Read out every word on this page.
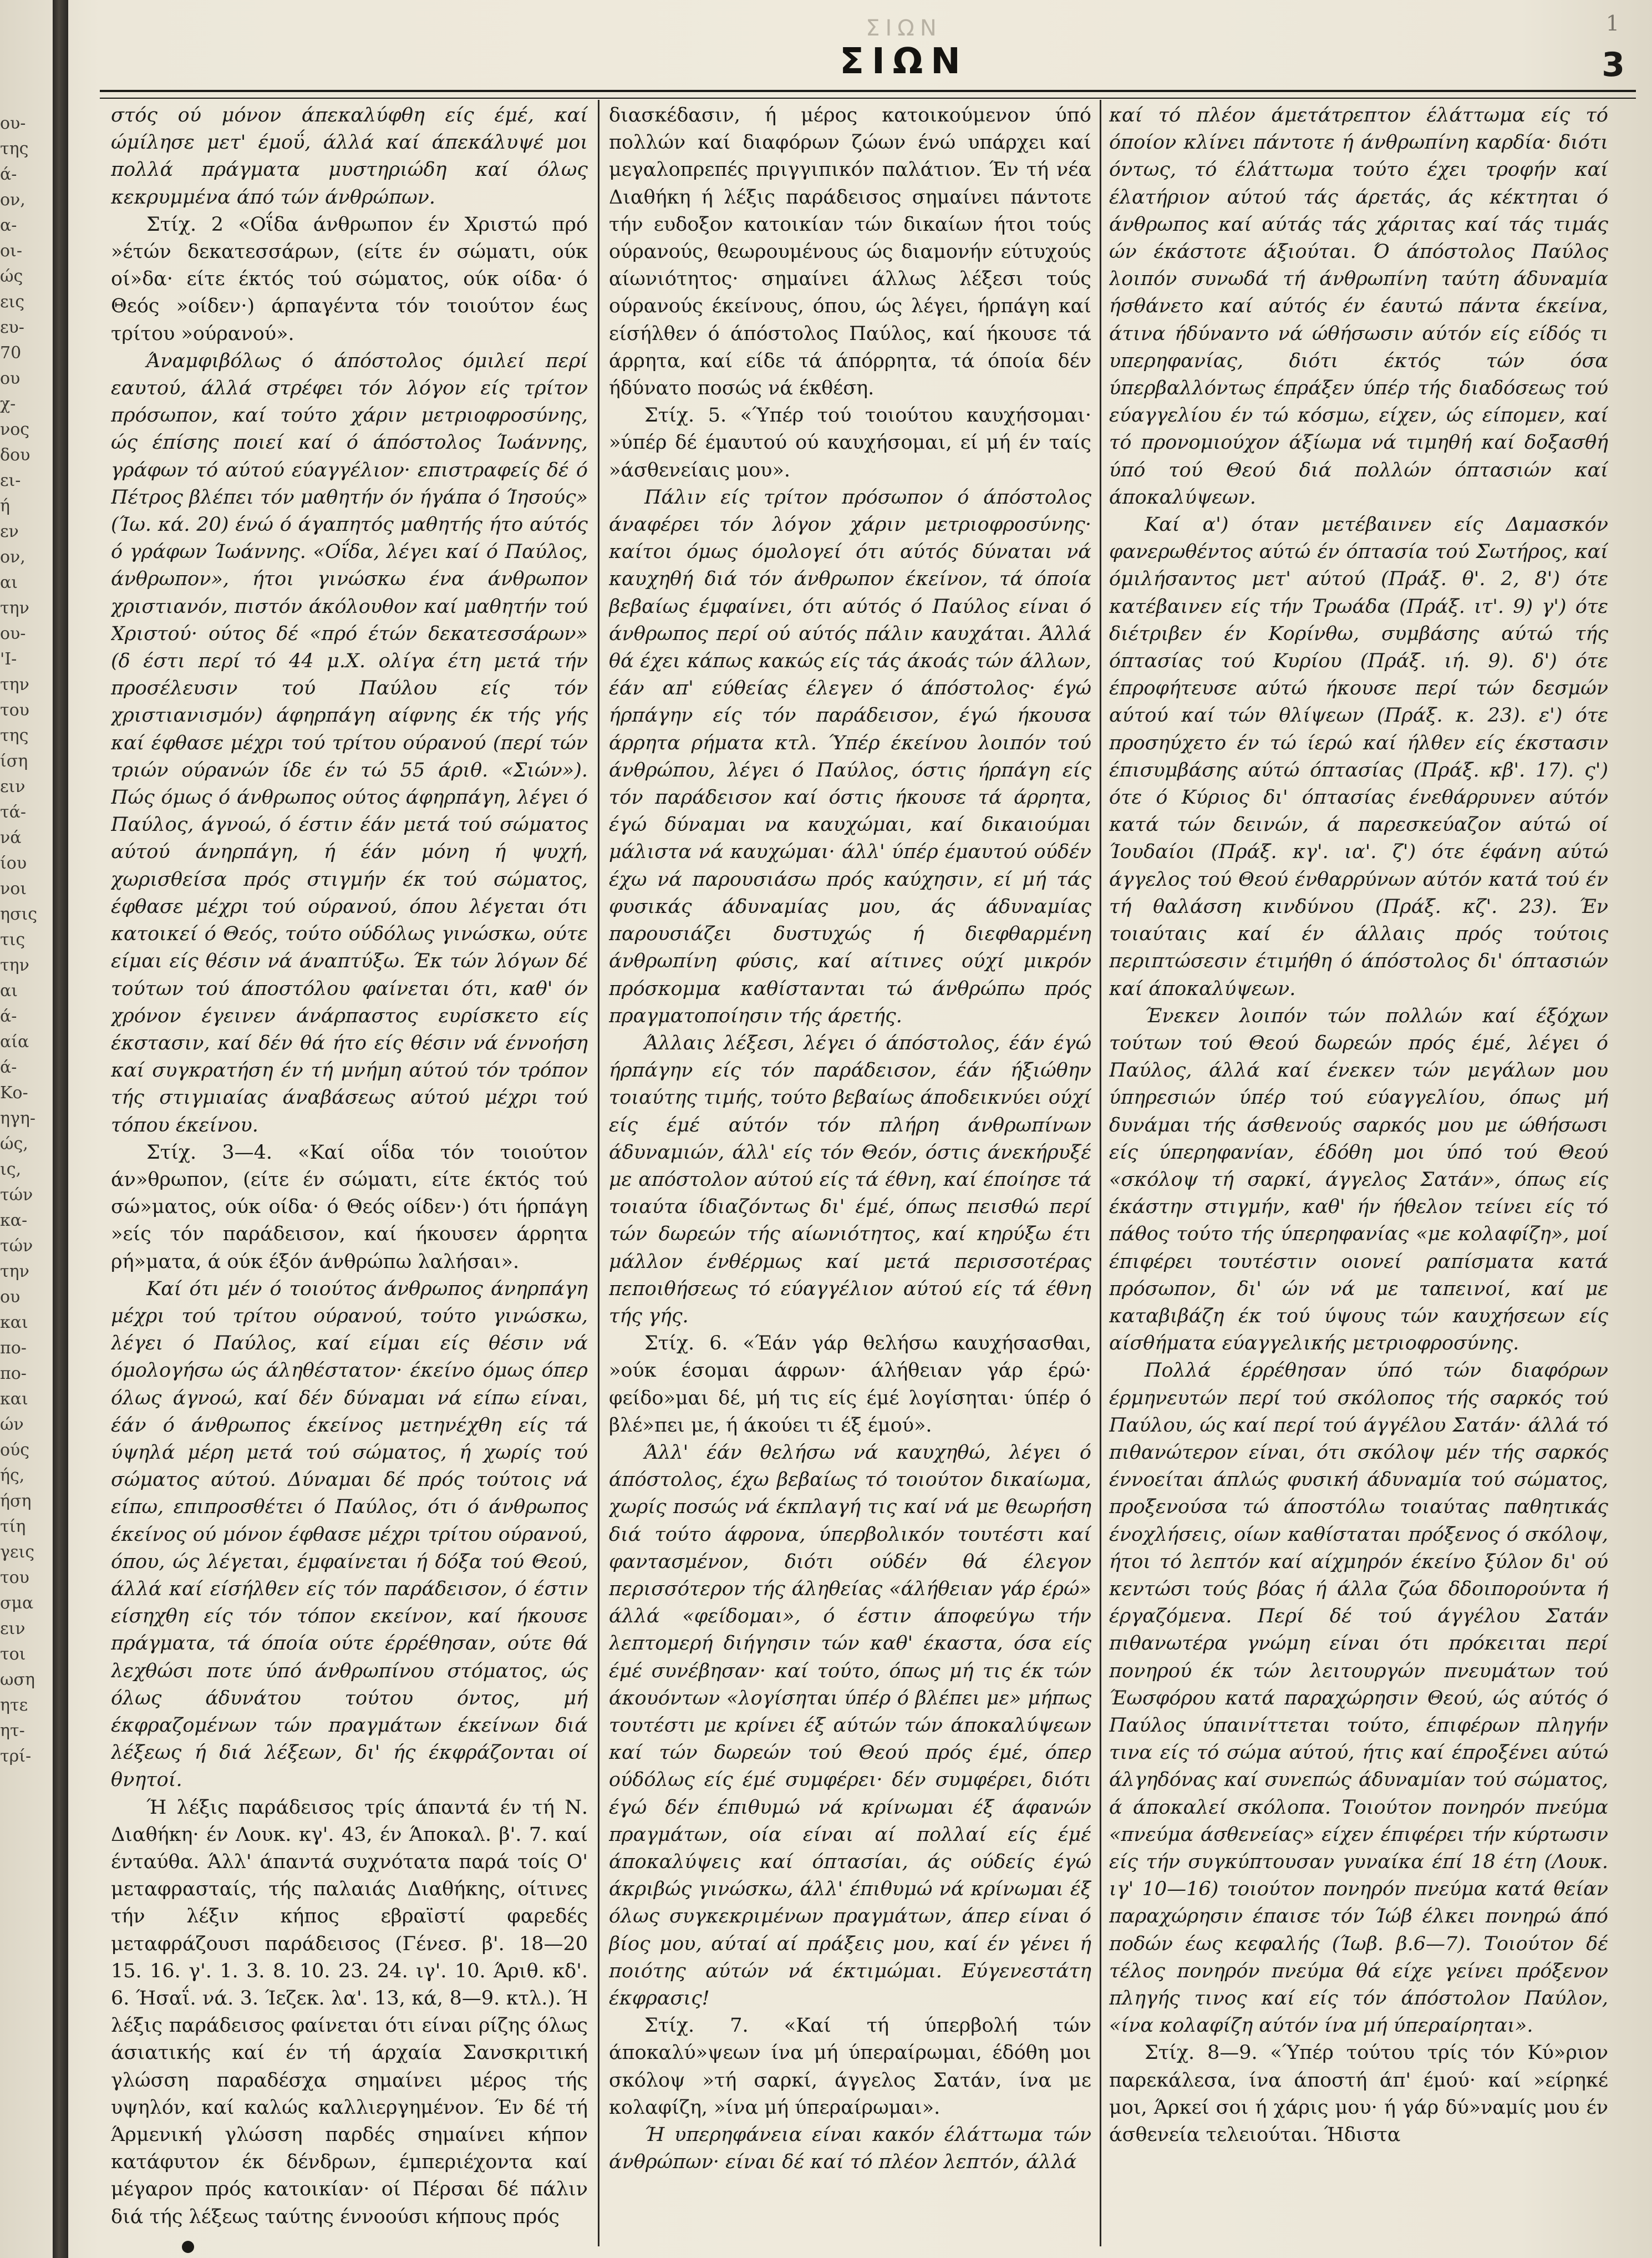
ου-
της
ά-
ον,
α-
οι-
ώς
εις
ευ-
70
ου
χ-
νος
δου
ει-
ή
εν
ον,
αι
την
ου-
'Ι-
την
του
της
ίση
ειν
τά-
νά
ίου
νοι
ησις
τις
την
αι
ά-
αία
ά-
Κο-
ηγη-
ώς,
ις,
τών
κα-
τών
την
ου
και
πο-
πο-
και
ών
ούς
ής,
ήση
τίη
γεις
του
σμα
ειν
τοι
ωση
ητε
ητ-
τρί-
ΣΙΩΝ
ΣΙΩΝ
1
3

στός ού μόνον άπεκαλύφθη είς έμέ, καί ώμίλησε μετ' έμοΰ, άλλά καί άπεκάλυψέ μοι πολλά πράγματα μυστηριώδη καί όλως κεκρυμμένα άπό τών άνθρώπων.

Στίχ. 2 «Οΐδα άνθρωπον έν Χριστώ πρό »έτών δεκατεσσάρων, (είτε έν σώματι, ούκ οί»δα· είτε έκτός τού σώματος, ούκ οίδα· ό Θεός »οίδεν·) άρπαγέντα τόν τοιούτον έως τρίτου »ούρανού».

Άναμφιβόλως ό άπόστολος όμιλεί περί εαυτού, άλλά στρέφει τόν λόγον είς τρίτον πρόσωπον, καί τούτο χάριν μετριοφροσύνης, ώς έπίσης ποιεί καί ό άπόστολος Ίωάννης, γράφων τό αύτού εύαγγέλιον· επιστραφείς δέ ό Πέτρος βλέπει τόν μαθητήν όν ήγάπα ό Ίησούς» (Ίω. κά. 20) ένώ ό άγαπητός μαθητής ήτο αύτός ό γράφων Ίωάννης. «Οΐδα, λέγει καί ό Παύλος, άνθρωπον», ήτοι γινώσκω ένα άνθρωπον χριστιανόν, πιστόν άκόλουθον καί μαθητήν τού Χριστού· ούτος δέ «πρό έτών δεκατεσσάρων» (δ έστι περί τό 44 μ.Χ. ολίγα έτη μετά τήν προσέλευσιν τού Παύλου είς τόν χριστιανισμόν) άφηρπάγη αίφνης έκ τής γής καί έφθασε μέχρι τού τρίτου ούρανού (περί τών τριών ούρανών ίδε έν τώ 55 άριθ. «Σιών»). Πώς όμως ό άνθρωπος ούτος άφηρπάγη, λέγει ό Παύλος, άγνοώ, ό έστιν έάν μετά τού σώματος αύτού άνηρπάγη, ή έάν μόνη ή ψυχή, χωρισθείσα πρός στιγμήν έκ τού σώματος, έφθασε μέχρι τού ούρανού, όπου λέγεται ότι κατοικεί ό Θεός, τούτο ούδόλως γινώσκω, ούτε είμαι είς θέσιν νά άναπτύξω. Έκ τών λόγων δέ τούτων τού άποστόλου φαίνεται ότι, καθ' όν χρόνον έγεινεν άνάρπαστος ευρίσκετο είς έκστασιν, καί δέν θά ήτο είς θέσιν νά έννοήση καί συγκρατήση έν τή μνήμη αύτού τόν τρόπον τής στιγμιαίας άναβάσεως αύτού μέχρι τού τόπου έκείνου.

Στίχ. 3—4. «Καί οΐδα τόν τοιούτον άν»θρωπον, (είτε έν σώματι, είτε έκτός τού σώ»ματος, ούκ οίδα· ό Θεός οίδεν·) ότι ήρπάγη »είς τόν παράδεισον, καί ήκουσεν άρρητα ρή»ματα, ά ούκ έξόν άνθρώπω λαλήσαι».

Καί ότι μέν ό τοιούτος άνθρωπος άνηρπάγη μέχρι τού τρίτου ούρανού, τούτο γινώσκω, λέγει ό Παύλος, καί είμαι είς θέσιν νά όμολογήσω ώς άληθέστατον· έκείνο όμως όπερ όλως άγνοώ, καί δέν δύναμαι νά είπω είναι, έάν ό άνθρωπος έκείνος μετηνέχθη είς τά ύψηλά μέρη μετά τού σώματος, ή χωρίς τού σώματος αύτού. Δύναμαι δέ πρός τούτοις νά είπω, επιπροσθέτει ό Παύλος, ότι ό άνθρωπος έκείνος ού μόνον έφθασε μέχρι τρίτου ούρανού, όπου, ώς λέγεται, έμφαίνεται ή δόξα τού Θεού, άλλά καί είσήλθεν είς τόν παράδεισον, ό έστιν είσηχθη είς τόν τόπον εκείνον, καί ήκουσε πράγματα, τά όποία ούτε έρρέθησαν, ούτε θά λεχθώσι ποτε ύπό άνθρωπίνου στόματος, ώς όλως άδυνάτου τούτου όντος, μή έκφραζομένων τών πραγμάτων έκείνων διά λέξεως ή διά λέξεων, δι' ής έκφράζονται οί θνητοί.

Ή λέξις παράδεισος τρίς άπαντά έν τή Ν. Διαθήκη· έν Λουκ. κγ'. 43, έν Άποκαλ. β'. 7. καί ένταύθα. Άλλ' άπαντά συχνότατα παρά τοίς Ο' μεταφρασταίς, τής παλαιάς Διαθήκης, οίτινες τήν λέξιν κήπος εβραϊστί φαρεδές μεταφράζουσι παράδεισος (Γένεσ. β'. 18—20 15. 16. γ'. 1. 3. 8. 10. 23. 24. ιγ'. 10. Άριθ. κδ'. 6. Ήσαΐ. νά. 3. Ίεζεκ. λα'. 13, κά, 8—9. κτλ.). Ή λέξις παράδεισος φαίνεται ότι είναι ρίζης όλως άσιατικής καί έν τή άρχαία Σανσκριτική γλώσση παραδέσχα σημαίνει μέρος τής υψηλόν, καί καλώς καλλιεργημένον. Έν δέ τή Άρμενική γλώσση παρδές σημαίνει κήπον κατάφυτον έκ δένδρων, έμπεριέχοντα καί μέγαρον πρός κατοικίαν· οί Πέρσαι δέ πάλιν διά τής λέξεως ταύτης έννοούσι κήπους πρός

διασκέδασιν, ή μέρος κατοικούμενον ύπό πολλών καί διαφόρων ζώων ένώ υπάρχει καί μεγαλοπρεπές πριγγιπικόν παλάτιον. Έν τή νέα Διαθήκη ή λέξις παράδεισος σημαίνει πάντοτε τήν ευδοξον κατοικίαν τών δικαίων ήτοι τούς ούρανούς, θεωρουμένους ώς διαμονήν εύτυχούς αίωνιότητος· σημαίνει άλλως λέξεσι τούς ούρανούς έκείνους, όπου, ώς λέγει, ήρπάγη καί είσήλθεν ό άπόστολος Παύλος, καί ήκουσε τά άρρητα, καί είδε τά άπόρρητα, τά όποία δέν ήδύνατο ποσώς νά έκθέση.

Στίχ. 5. «Ύπέρ τού τοιούτου καυχήσομαι· »ύπέρ δέ έμαυτού ού καυχήσομαι, εί μή έν ταίς »άσθενείαις μου».

Πάλιν είς τρίτον πρόσωπον ό άπόστολος άναφέρει τόν λόγον χάριν μετριοφροσύνης· καίτοι όμως όμολογεί ότι αύτός δύναται νά καυχηθή διά τόν άνθρωπον έκείνον, τά όποία βεβαίως έμφαίνει, ότι αύτός ό Παύλος είναι ό άνθρωπος περί ού αύτός πάλιν καυχάται. Άλλά θά έχει κάπως κακώς είς τάς άκοάς τών άλλων, έάν απ' εύθείας έλεγεν ό άπόστολος· έγώ ήρπάγην είς τόν παράδεισον, έγώ ήκουσα άρρητα ρήματα κτλ. Ύπέρ έκείνου λοιπόν τού άνθρώπου, λέγει ό Παύλος, όστις ήρπάγη είς τόν παράδεισον καί όστις ήκουσε τά άρρητα, έγώ δύναμαι να καυχώμαι, καί δικαιούμαι μάλιστα νά καυχώμαι· άλλ' ύπέρ έμαυτού ούδέν έχω νά παρουσιάσω πρός καύχησιν, εί μή τάς φυσικάς άδυναμίας μου, άς άδυναμίας παρουσιάζει δυστυχώς ή διεφθαρμένη άνθρωπίνη φύσις, καί αίτινες ούχί μικρόν πρόσκομμα καθίστανται τώ άνθρώπω πρός πραγματοποίησιν τής άρετής.

Άλλαις λέξεσι, λέγει ό άπόστολος, έάν έγώ ήρπάγην είς τόν παράδεισον, έάν ήξιώθην τοιαύτης τιμής, τούτο βεβαίως άποδεικνύει ούχί είς έμέ αύτόν τόν πλήρη άνθρωπίνων άδυναμιών, άλλ' είς τόν Θεόν, όστις άνεκήρυξέ με απόστολον αύτού είς τά έθνη, καί έποίησε τά τοιαύτα ίδιαζόντως δι' έμέ, όπως πεισθώ περί τών δωρεών τής αίωνιότητος, καί κηρύξω έτι μάλλον ένθέρμως καί μετά περισσοτέρας πεποιθήσεως τό εύαγγέλιον αύτού είς τά έθνη τής γής.

Στίχ. 6. «Έάν γάρ θελήσω καυχήσασθαι, »ούκ έσομαι άφρων· άλήθειαν γάρ έρώ· φείδο»μαι δέ, μή τις είς έμέ λογίσηται· ύπέρ ό βλέ»πει με, ή άκούει τι έξ έμού».

Άλλ' έάν θελήσω νά καυχηθώ, λέγει ό άπόστολος, έχω βεβαίως τό τοιούτον δικαίωμα, χωρίς ποσώς νά έκπλαγή τις καί νά με θεωρήση διά τούτο άφρονα, ύπερβολικόν τουτέστι καί φαντασμένον, διότι ούδέν θά έλεγον περισσότερον τής άληθείας «άλήθειαν γάρ έρώ» άλλά «φείδομαι», ό έστιν άποφεύγω τήν λεπτομερή διήγησιν τών καθ' έκαστα, όσα είς έμέ συνέβησαν· καί τούτο, όπως μή τις έκ τών άκουόντων «λογίσηται ύπέρ ό βλέπει με» μήπως τουτέστι με κρίνει έξ αύτών τών άποκαλύψεων καί τών δωρεών τού Θεού πρός έμέ, όπερ ούδόλως είς έμέ συμφέρει· δέν συμφέρει, διότι έγώ δέν έπιθυμώ νά κρίνωμαι έξ άφανών πραγμάτων, οία είναι αί πολλαί είς έμέ άποκαλύψεις καί όπτασίαι, άς ούδείς έγώ άκριβώς γινώσκω, άλλ' έπιθυμώ νά κρίνωμαι έξ όλως συγκεκριμένων πραγμάτων, άπερ είναι ό βίος μου, αύταί αί πράξεις μου, καί έν γένει ή ποιότης αύτών νά έκτιμώμαι. Εύγενεστάτη έκφρασις!

Στίχ. 7. «Καί τή ύπερβολή τών άποκαλύ»ψεων ίνα μή ύπεραίρωμαι, έδόθη μοι σκόλοψ »τή σαρκί, άγγελος Σατάν, ίνα με κολαφίζη, »ίνα μή ύπεραίρωμαι».

Ή υπερηφάνεια είναι κακόν έλάττωμα τών άνθρώπων· είναι δέ καί τό πλέον λεπτόν, άλλά

καί τό πλέον άμετάτρεπτον έλάττωμα είς τό όποίον κλίνει πάντοτε ή άνθρωπίνη καρδία· διότι όντως, τό έλάττωμα τούτο έχει τροφήν καί έλατήριον αύτού τάς άρετάς, άς κέκτηται ό άνθρωπος καί αύτάς τάς χάριτας καί τάς τιμάς ών έκάστοτε άξιούται. Ό άπόστολος Παύλος λοιπόν συνωδά τή άνθρωπίνη ταύτη άδυναμία ήσθάνετο καί αύτός έν έαυτώ πάντα έκείνα, άτινα ήδύναντο νά ώθήσωσιν αύτόν είς είδός τι υπερηφανίας, διότι έκτός τών όσα ύπερβαλλόντως έπράξεν ύπέρ τής διαδόσεως τού εύαγγελίου έν τώ κόσμω, είχεν, ώς είπομεν, καί τό προνομιούχον άξίωμα νά τιμηθή καί δοξασθή ύπό τού Θεού διά πολλών όπτασιών καί άποκαλύψεων.

Καί α') όταν μετέβαινεν είς Δαμασκόν φανερωθέντος αύτώ έν όπτασία τού Σωτήρος, καί όμιλήσαντος μετ' αύτού (Πράξ. θ'. 2, 8') ότε κατέβαινεν είς τήν Τρωάδα (Πράξ. ιτ'. 9) γ') ότε διέτριβεν έν Κορίνθω, συμβάσης αύτώ τής όπτασίας τού Κυρίου (Πράξ. ιή. 9). δ') ότε έπροφήτευσε αύτώ ήκουσε περί τών δεσμών αύτού καί τών θλίψεων (Πράξ. κ. 23). ε') ότε προσηύχετο έν τώ ίερώ καί ήλθεν είς έκστασιν έπισυμβάσης αύτώ όπτασίας (Πράξ. κβ'. 17). ς') ότε ό Κύριος δι' όπτασίας ένεθάρρυνεν αύτόν κατά τών δεινών, ά παρεσκεύαζον αύτώ οί Ίουδαίοι (Πράξ. κγ'. ια'. ζ') ότε έφάνη αύτώ άγγελος τού Θεού ένθαρρύνων αύτόν κατά τού έν τή θαλάσση κινδύνου (Πράξ. κζ'. 23). Έν τοιαύταις καί έν άλλαις πρός τούτοις περιπτώσεσιν έτιμήθη ό άπόστολος δι' όπτασιών καί άποκαλύψεων.

Ένεκεν λοιπόν τών πολλών καί έξόχων τούτων τού Θεού δωρεών πρός έμέ, λέγει ό Παύλος, άλλά καί ένεκεν τών μεγάλων μου ύπηρεσιών ύπέρ τού εύαγγελίου, όπως μή δυνάμαι τής άσθενούς σαρκός μου με ώθήσωσι είς ύπερηφανίαν, έδόθη μοι ύπό τού Θεού «σκόλοψ τή σαρκί, άγγελος Σατάν», όπως είς έκάστην στιγμήν, καθ' ήν ήθελον τείνει είς τό πάθος τούτο τής ύπερηφανίας «με κολαφίζη», μοί έπιφέρει τουτέστιν οιονεί ραπίσματα κατά πρόσωπον, δι' ών νά με ταπεινοί, καί με καταβιβάζη έκ τού ύψους τών καυχήσεων είς αίσθήματα εύαγγελικής μετριοφροσύνης.

Πολλά έρρέθησαν ύπό τών διαφόρων έρμηνευτών περί τού σκόλοπος τής σαρκός τού Παύλου, ώς καί περί τού άγγέλου Σατάν· άλλά τό πιθανώτερον είναι, ότι σκόλοψ μέν τής σαρκός έννοείται άπλώς φυσική άδυναμία τού σώματος, προξενούσα τώ άποστόλω τοιαύτας παθητικάς ένοχλήσεις, οίων καθίσταται πρόξενος ό σκόλοψ, ήτοι τό λεπτόν καί αίχμηρόν έκείνο ξύλον δι' ού κεντώσι τούς βόας ή άλλα ζώα δδοιπορούντα ή έργαζόμενα. Περί δέ τού άγγέλου Σατάν πιθανωτέρα γνώμη είναι ότι πρόκειται περί πονηρού έκ τών λειτουργών πνευμάτων τού Έωσφόρου κατά παραχώρησιν Θεού, ώς αύτός ό Παύλος ύπαινίττεται τούτο, έπιφέρων πληγήν τινα είς τό σώμα αύτού, ήτις καί έπροξένει αύτώ άλγηδόνας καί συνεπώς άδυναμίαν τού σώματος, ά άποκαλεί σκόλοπα. Τοιούτον πονηρόν πνεύμα «πνεύμα άσθενείας» είχεν έπιφέρει τήν κύρτωσιν είς τήν συγκύπτουσαν γυναίκα έπί 18 έτη (Λουκ. ιγ' 10—16) τοιούτον πονηρόν πνεύμα κατά θείαν παραχώρησιν έπαισε τόν Ίώβ έλκει πονηρώ άπό ποδών έως κεφαλής (Ίωβ. β.6—7). Τοιούτον δέ τέλος πονηρόν πνεύμα θά είχε γείνει πρόξενον πληγής τινος καί είς τόν άπόστολον Παύλον, «ίνα κολαφίζη αύτόν ίνα μή ύπεραίρηται».

Στίχ. 8—9. «Ύπέρ τούτου τρίς τόν Κύ»ριον παρεκάλεσα, ίνα άποστή άπ' έμού· καί »είρηκέ μοι, Άρκεί σοι ή χάρις μου· ή γάρ δύ»ναμίς μου έν άσθενεία τελειούται. Ήδιστα
